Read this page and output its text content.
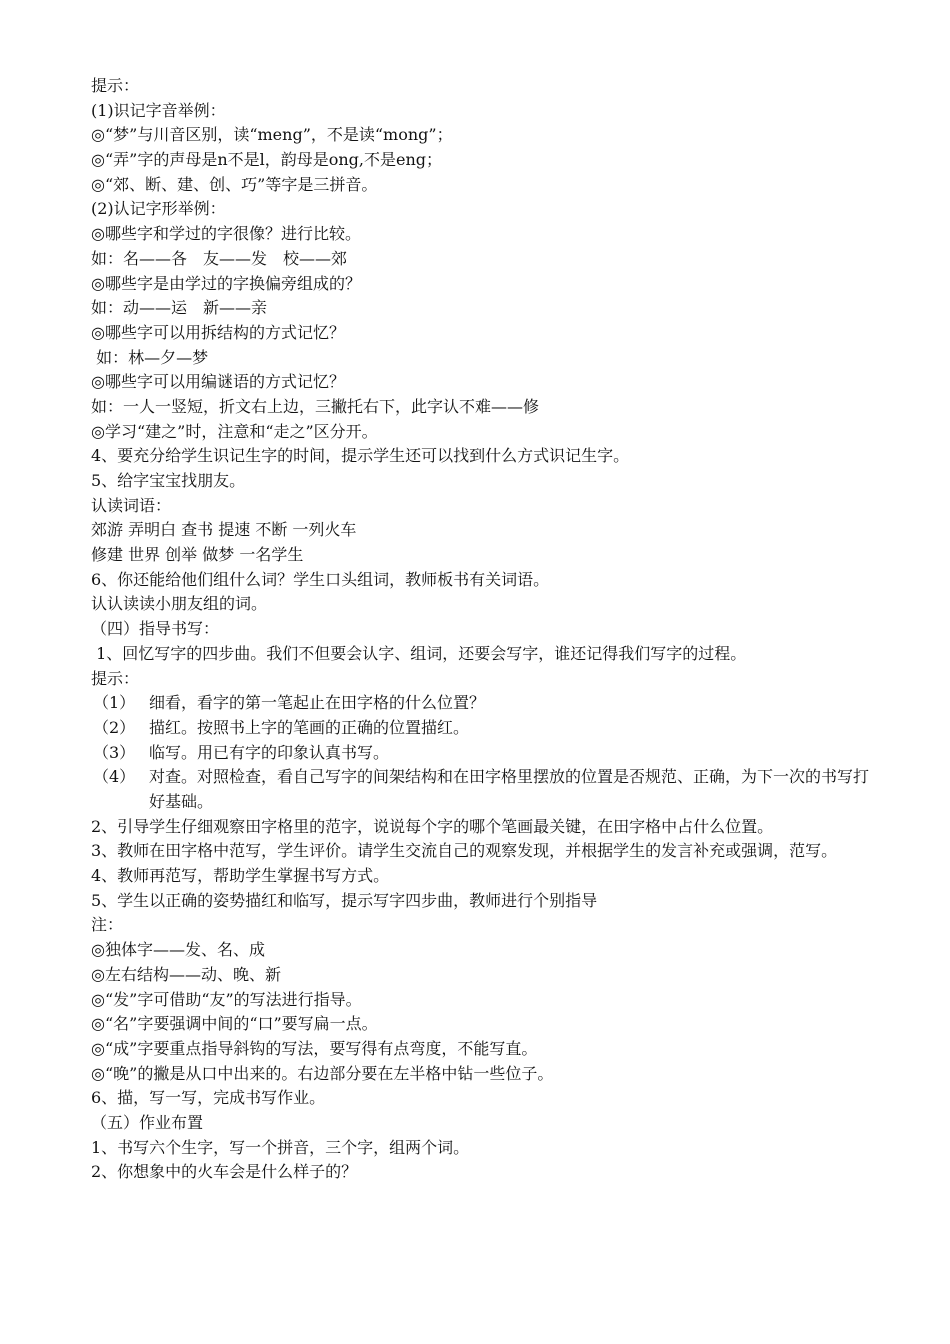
提示：
(1)识记字音举例：
◎“梦”与川音区别，读“meng”，不是读“mong”；
◎“弄”字的声母是n不是l，韵母是ong,不是eng；
◎“郊、断、建、创、巧”等字是三拼音。
(2)认记字形举例：
◎哪些字和学过的字很像？进行比较。
如：名——各　友——发　校——郊
◎哪些字是由学过的字换偏旁组成的？
如：动——运　新——亲
◎哪些字可以用拆结构的方式记忆？
如：林—夕—梦
◎哪些字可以用编谜语的方式记忆？
如：一人一竖短，折文右上边，三撇托右下，此字认不难——修
◎学习“建之”时，注意和“走之”区分开。
4、要充分给学生识记生字的时间，提示学生还可以找到什么方式识记生字。
5、给字宝宝找朋友。
认读词语：
郊游 弄明白 查书 提速 不断 一列火车
修建 世界 创举 做梦 一名学生
6、你还能给他们组什么词？学生口头组词，教师板书有关词语。
认认读读小朋友组的词。
（四）指导书写：
1、回忆写字的四步曲。我们不但要会认字、组词，还要会写字，谁还记得我们写字的过程。
提示：
（1） 细看，看字的第一笔起止在田字格的什么位置？
（2） 描红。按照书上字的笔画的正确的位置描红。
（3） 临写。用已有字的印象认真书写。
（4） 对查。对照检查，看自己写字的间架结构和在田字格里摆放的位置是否规范、正确，为下一次的书写打好基础。
2、引导学生仔细观察田字格里的范字，说说每个字的哪个笔画最关键，在田字格中占什么位置。
3、教师在田字格中范写，学生评价。请学生交流自己的观察发现，并根据学生的发言补充或强调，范写。
4、教师再范写，帮助学生掌握书写方式。
5、学生以正确的姿势描红和临写，提示写字四步曲，教师进行个别指导
注：
◎独体字——发、名、成
◎左右结构——动、晚、新
◎“发”字可借助“友”的写法进行指导。
◎“名”字要强调中间的“口”要写扁一点。
◎“成”字要重点指导斜钩的写法，要写得有点弯度，不能写直。
◎“晚”的撇是从口中出来的。右边部分要在左半格中钻一些位子。
6、描，写一写，完成书写作业。
（五）作业布置
1、书写六个生字，写一个拼音，三个字，组两个词。
2、你想象中的火车会是什么样子的？
